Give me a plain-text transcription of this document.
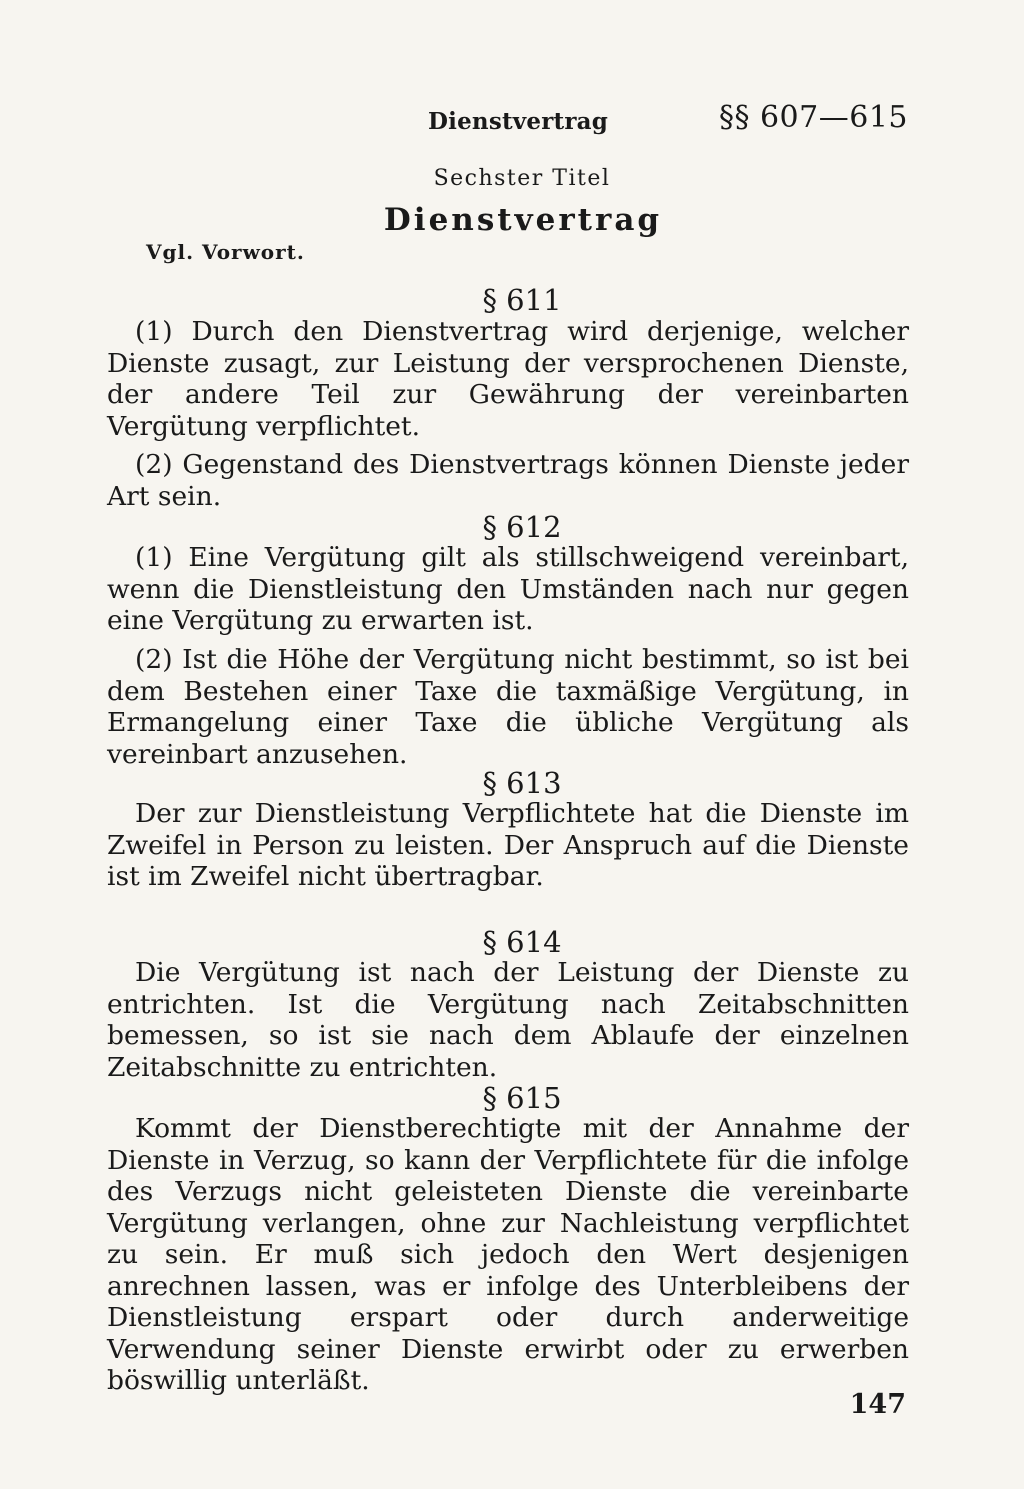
Dienstvertrag	§§ 607—615
Sechster Titel
Dienstvertrag
Vgl. Vorwort.
§ 611
(1) Durch den Dienstvertrag wird derjenige, welcher Dienste zusagt, zur Leistung der versprochenen Dienste, der andere Teil zur Gewährung der vereinbarten Vergütung verpflichtet.
(2) Gegenstand des Dienstvertrags können Dienste jeder Art sein.
§ 612
(1) Eine Vergütung gilt als stillschweigend vereinbart, wenn die Dienstleistung den Umständen nach nur gegen eine Vergütung zu erwarten ist.
(2) Ist die Höhe der Vergütung nicht bestimmt, so ist bei dem Bestehen einer Taxe die taxmäßige Vergütung, in Ermangelung einer Taxe die übliche Vergütung als vereinbart anzusehen.
§ 613
Der zur Dienstleistung Verpflichtete hat die Dienste im Zweifel in Person zu leisten. Der Anspruch auf die Dienste ist im Zweifel nicht übertragbar.
§ 614
Die Vergütung ist nach der Leistung der Dienste zu entrichten. Ist die Vergütung nach Zeitabschnitten bemessen, so ist sie nach dem Ablaufe der einzelnen Zeitabschnitte zu entrichten.
§ 615
Kommt der Dienstberechtigte mit der Annahme der Dienste in Verzug, so kann der Verpflichtete für die infolge des Verzugs nicht geleisteten Dienste die vereinbarte Vergütung verlangen, ohne zur Nachleistung verpflichtet zu sein. Er muß sich jedoch den Wert desjenigen anrechnen lassen, was er infolge des Unterbleibens der Dienstleistung erspart oder durch anderweitige Verwendung seiner Dienste erwirbt oder zu erwerben böswillig unterläßt.
147
